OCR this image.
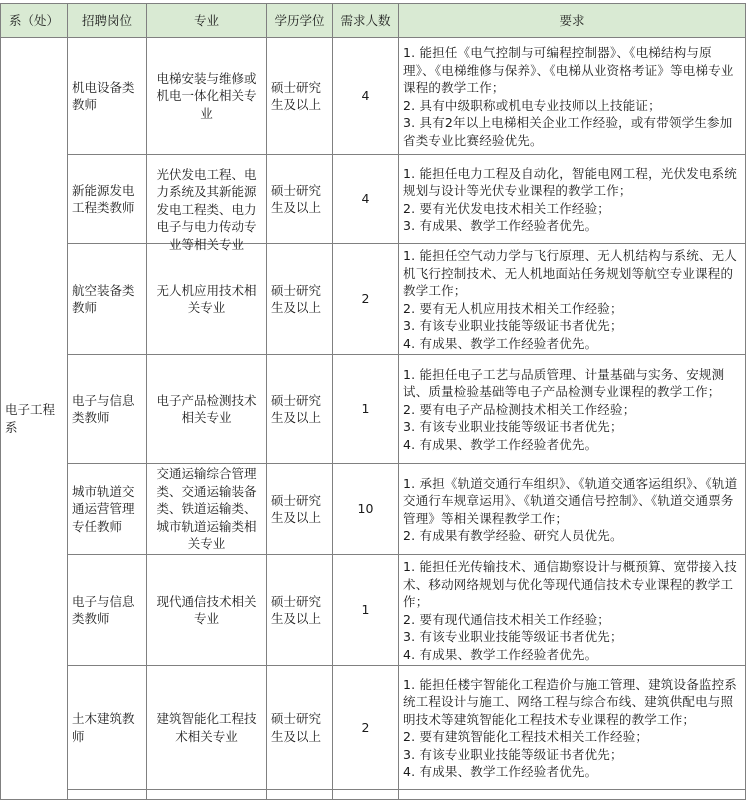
系（处）	招聘岗位	专业	学历学位	需求人数	要求
电子工程系	机电设备类教师	电梯安装与维修或机电一体化相关专业	硕士研究生及以上	4	1. 能担任《电气控制与可编程控制器》、《电梯结构与原理》、《电梯维修与保养》、《电梯从业资格考证》等电梯专业课程的教学工作；
2. 具有中级职称或机电专业技师以上技能证；
3. 具有2年以上电梯相关企业工作经验，或有带领学生参加省类专业比赛经验优先。

	新能源发电工程类教师	光伏发电工程、电力系统及其新能源发电工程类、电力电子与电力传动专业等相关专业	硕士研究生及以上	4	1. 能担任电力工程及自动化，智能电网工程，光伏发电系统规划与设计等光伏专业课程的教学工作；
2. 要有光伏发电技术相关工作经验；
3. 有成果、教学工作经验者优先。

	航空装备类教师	无人机应用技术相关专业	硕士研究生及以上	2	1. 能担任空气动力学与飞行原理、无人机结构与系统、无人机飞行控制技术、无人机地面站任务规划等航空专业课程的教学工作；
2. 要有无人机应用技术相关工作经验；
3. 有该专业职业技能等级证书者优先；
4. 有成果、教学工作经验者优先。

	电子与信息类教师	电子产品检测技术相关专业	硕士研究生及以上	1	1. 能担任电子工艺与品质管理、计量基础与实务、安规测试、质量检验基础等电子产品检测专业课程的教学工作；
2. 要有电子产品检测技术相关工作经验；
3. 有该专业职业技能等级证书者优先；
4. 有成果、教学工作经验者优先。

	城市轨道交通运营管理专任教师	交通运输综合管理类、交通运输装备类、铁道运输类、城市轨道运输类相关专业	硕士研究生及以上	10	1. 承担《轨道交通行车组织》、《轨道交通客运组织》、《轨道交通行车规章运用》、《轨道交通信号控制》、《轨道交通票务管理》等相关课程教学工作；
2. 有成果有教学经验、研究人员优先。

	电子与信息类教师	现代通信技术相关专业	硕士研究生及以上	1	1. 能担任光传输技术、通信勘察设计与概预算、宽带接入技术、移动网络规划与优化等现代通信技术专业课程的教学工作；
2. 要有现代通信技术相关工作经验；
3. 有该专业职业技能等级证书者优先；
4. 有成果、教学工作经验者优先。

	土木建筑教师	建筑智能化工程技术相关专业	硕士研究生及以上	2	1. 能担任楼宇智能化工程造价与施工管理、建筑设备监控系统工程设计与施工、网络工程与综合布线、建筑供配电与照明技术等建筑智能化工程技术专业课程的教学工作；
2. 要有建筑智能化工程技术相关工作经验；
3. 有该专业职业技能等级证书者优先；
4. 有成果、教学工作经验者优先。
